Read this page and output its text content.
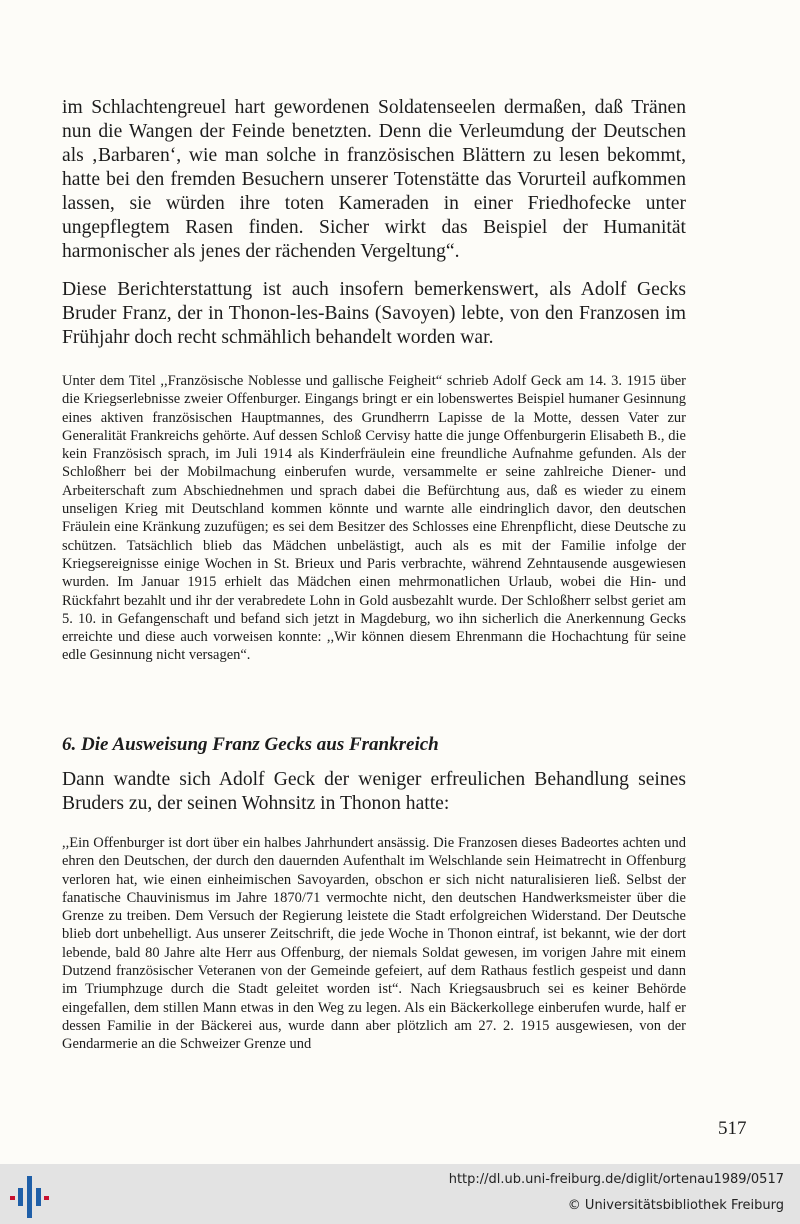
im Schlachtengreuel hart gewordenen Soldatenseelen dermaßen, daß Tränen nun die Wangen der Feinde benetzten. Denn die Verleumdung der Deutschen als ‚Barbaren‘, wie man solche in französischen Blättern zu lesen bekommt, hatte bei den fremden Besuchern unserer Totenstätte das Vorurteil aufkommen lassen, sie würden ihre toten Kameraden in einer Friedhofecke unter ungepflegtem Rasen finden. Sicher wirkt das Beispiel der Humanität harmonischer als jenes der rächenden Vergeltung“.

Diese Berichterstattung ist auch insofern bemerkenswert, als Adolf Gecks Bruder Franz, der in Thonon-les-Bains (Savoyen) lebte, von den Franzosen im Frühjahr doch recht schmählich behandelt worden war.

Unter dem Titel ,,Französische Noblesse und gallische Feigheit“ schrieb Adolf Geck am 14. 3. 1915 über die Kriegserlebnisse zweier Offenburger. Eingangs bringt er ein lobenswertes Beispiel humaner Gesinnung eines aktiven französischen Hauptmannes, des Grundherrn Lapisse de la Motte, dessen Vater zur Generalität Frankreichs gehörte. Auf dessen Schloß Cervisy hatte die junge Offenburgerin Elisabeth B., die kein Französisch sprach, im Juli 1914 als Kinderfräulein eine freundliche Aufnahme gefunden. Als der Schloßherr bei der Mobilmachung einberufen wurde, versammelte er seine zahlreiche Diener- und Arbeiterschaft zum Abschiednehmen und sprach dabei die Befürchtung aus, daß es wieder zu einem unseligen Krieg mit Deutschland kommen könnte und warnte alle eindringlich davor, den deutschen Fräulein eine Kränkung zuzufügen; es sei dem Besitzer des Schlosses eine Ehrenpflicht, diese Deutsche zu schützen. Tatsächlich blieb das Mädchen unbelästigt, auch als es mit der Familie infolge der Kriegsereignisse einige Wochen in St. Brieux und Paris verbrachte, während Zehntausende ausgewiesen wurden. Im Januar 1915 erhielt das Mädchen einen mehrmonatlichen Urlaub, wobei die Hin- und Rückfahrt bezahlt und ihr der verabredete Lohn in Gold ausbezahlt wurde. Der Schloßherr selbst geriet am 5. 10. in Gefangenschaft und befand sich jetzt in Magdeburg, wo ihn sicherlich die Anerkennung Gecks erreichte und diese auch vorweisen konnte: ,,Wir können diesem Ehrenmann die Hochachtung für seine edle Gesinnung nicht versagen“.

6. Die Ausweisung Franz Gecks aus Frankreich

Dann wandte sich Adolf Geck der weniger erfreulichen Behandlung seines Bruders zu, der seinen Wohnsitz in Thonon hatte:

,,Ein Offenburger ist dort über ein halbes Jahrhundert ansässig. Die Franzosen dieses Badeortes achten und ehren den Deutschen, der durch den dauernden Aufenthalt im Welschlande sein Heimatrecht in Offenburg verloren hat, wie einen einheimischen Savoyarden, obschon er sich nicht naturalisieren ließ. Selbst der fanatische Chauvinismus im Jahre 1870/71 vermochte nicht, den deutschen Handwerksmeister über die Grenze zu treiben. Dem Versuch der Regierung leistete die Stadt erfolgreichen Widerstand. Der Deutsche blieb dort unbehelligt. Aus unserer Zeitschrift, die jede Woche in Thonon eintraf, ist bekannt, wie der dort lebende, bald 80 Jahre alte Herr aus Offenburg, der niemals Soldat gewesen, im vorigen Jahre mit einem Dutzend französischer Veteranen von der Gemeinde gefeiert, auf dem Rathaus festlich gespeist und dann im Triumphzuge durch die Stadt geleitet worden ist“. Nach Kriegsausbruch sei es keiner Behörde eingefallen, dem stillen Mann etwas in den Weg zu legen. Als ein Bäckerkollege einberufen wurde, half er dessen Familie in der Bäckerei aus, wurde dann aber plötzlich am 27. 2. 1915 ausgewiesen, von der Gendarmerie an die Schweizer Grenze und

517
http://dl.ub.uni-freiburg.de/diglit/ortenau1989/0517
© Universitätsbibliothek Freiburg
